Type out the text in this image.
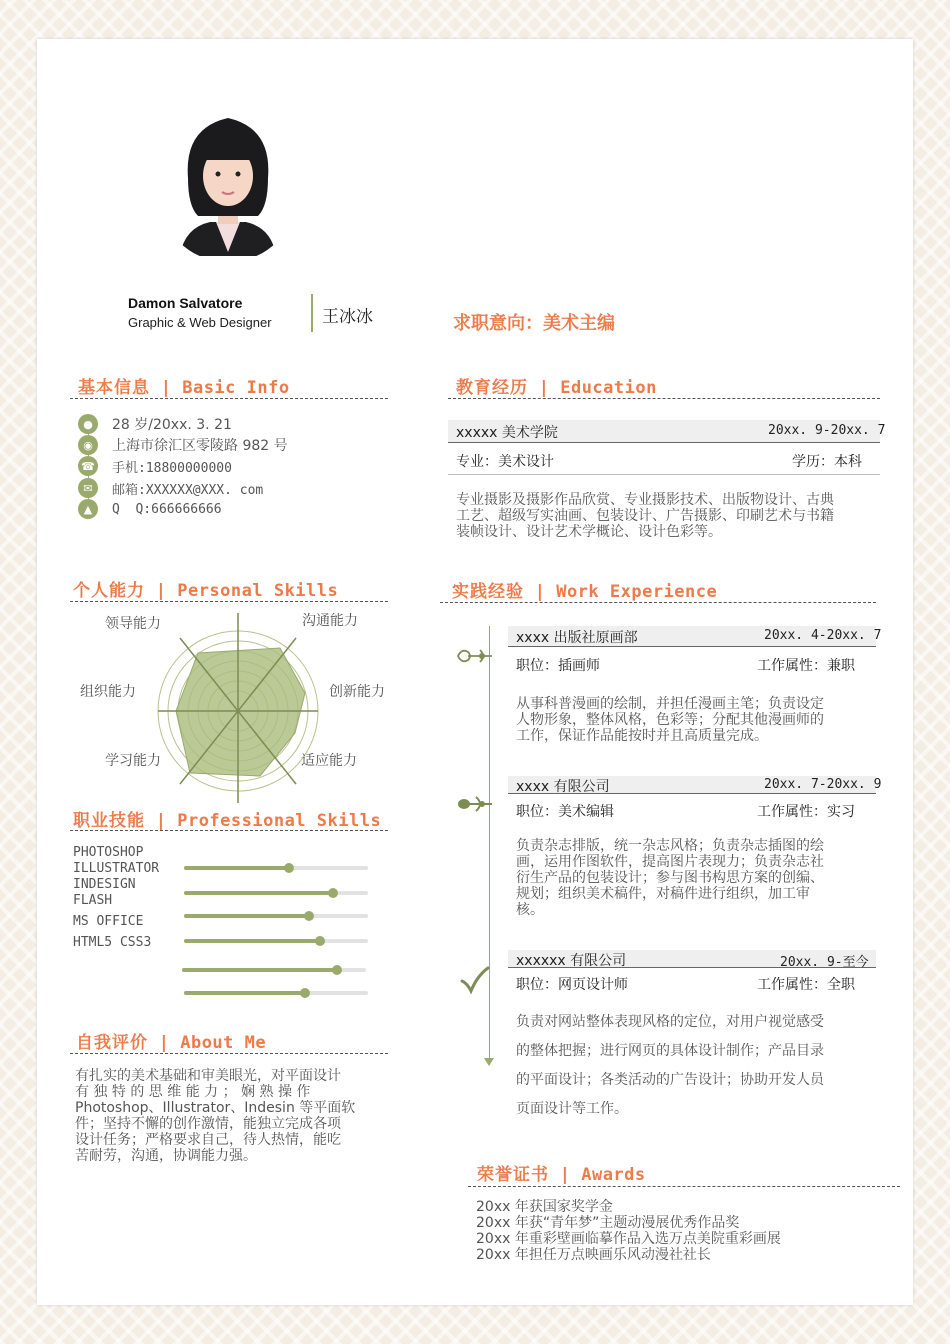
Damon Salvatore
Graphic & Web Designer	王冰冰	求职意向：美术主编
基本信息 | Basic Info
●	28 岁/20xx. 3. 21
◉	上海市徐汇区零陵路 982 号
☎ 手机:18800000000
✉	邮箱:XXXXXX@XXX. com
▲	Q  Q:666666666
个人能力 | Personal Skills
领导能力	沟通能力
组织能力	创新能力
学习能力	适应能力
职业技能 | Professional Skills
PHOTOSHOP
ILLUSTRATOR
INDESIGN
FLASH
MS OFFICE
HTML5 CSS3
自我评价 | About Me
有扎实的美术基础和审美眼光，对平面设计
有 独 特 的 思 维 能 力 ； 娴 熟 操 作
Photoshop、Illustrator、Indesin 等平面软
件；坚持不懈的创作激情，能独立完成各项
设计任务；严格要求自己，待人热情，能吃
苦耐劳，沟通，协调能力强。
教育经历 | Education
xxxxx 美术学院	20xx. 9-20xx. 7
专业：美术设计	学历：本科
专业摄影及摄影作品欣赏、专业摄影技术、出版物设计、古典
工艺、超级写实油画、包装设计、广告摄影、印刷艺术与书籍
装帧设计、设计艺术学概论、设计色彩等。
实践经验 | Work Experience
xxxx 出版社原画部	20xx. 4-20xx. 7
职位：插画师	工作属性：兼职
从事科普漫画的绘制，并担任漫画主笔；负责设定
人物形象，整体风格，色彩等；分配其他漫画师的
工作，保证作品能按时并且高质量完成。
xxxx 有限公司	20xx. 7-20xx. 9
职位：美术编辑	工作属性：实习
负责杂志排版，统一杂志风格；负责杂志插图的绘
画，运用作图软件，提高图片表现力；负责杂志社
衍生产品的包装设计；参与图书构思方案的创编、
规划；组织美术稿件，对稿件进行组织，加工审
核。
xxxxxx 有限公司	20xx. 9-至今
职位：网页设计师	工作属性：全职
负责对网站整体表现风格的定位，对用户视觉感受
的整体把握；进行网页的具体设计制作；产品目录
的平面设计；各类活动的广告设计；协助开发人员
页面设计等工作。
荣誉证书 | Awards
20xx 年获国家奖学金
20xx 年获“青年梦”主题动漫展优秀作品奖
20xx 年重彩壁画临摹作品入选万点美院重彩画展
20xx 年担任万点映画乐风动漫社社长
